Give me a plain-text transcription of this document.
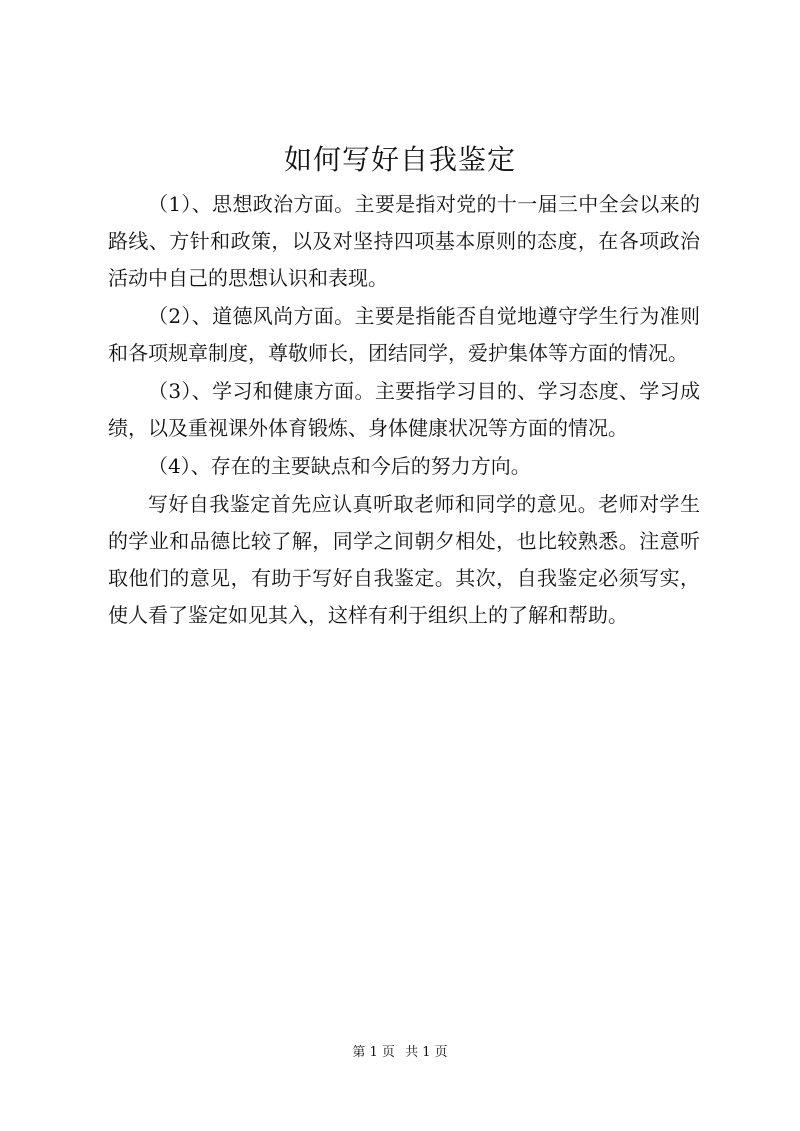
如何写好自我鉴定

（1）、思想政治方面。主要是指对党的十一届三中全会以来的路线、方针和政策，以及对坚持四项基本原则的态度，在各项政治活动中自己的思想认识和表现。

（2）、道德风尚方面。主要是指能否自觉地遵守学生行为准则和各项规章制度，尊敬师长，团结同学，爱护集体等方面的情况。

（3）、学习和健康方面。主要指学习目的、学习态度、学习成绩，以及重视课外体育锻炼、身体健康状况等方面的情况。

（4）、存在的主要缺点和今后的努力方向。

写好自我鉴定首先应认真听取老师和同学的意见。老师对学生的学业和品德比较了解，同学之间朝夕相处，也比较熟悉。注意听取他们的意见，有助于写好自我鉴定。其次，自我鉴定必须写实，使人看了鉴定如见其入，这样有利于组织上的了解和帮助。

第 1 页 共 1 页
